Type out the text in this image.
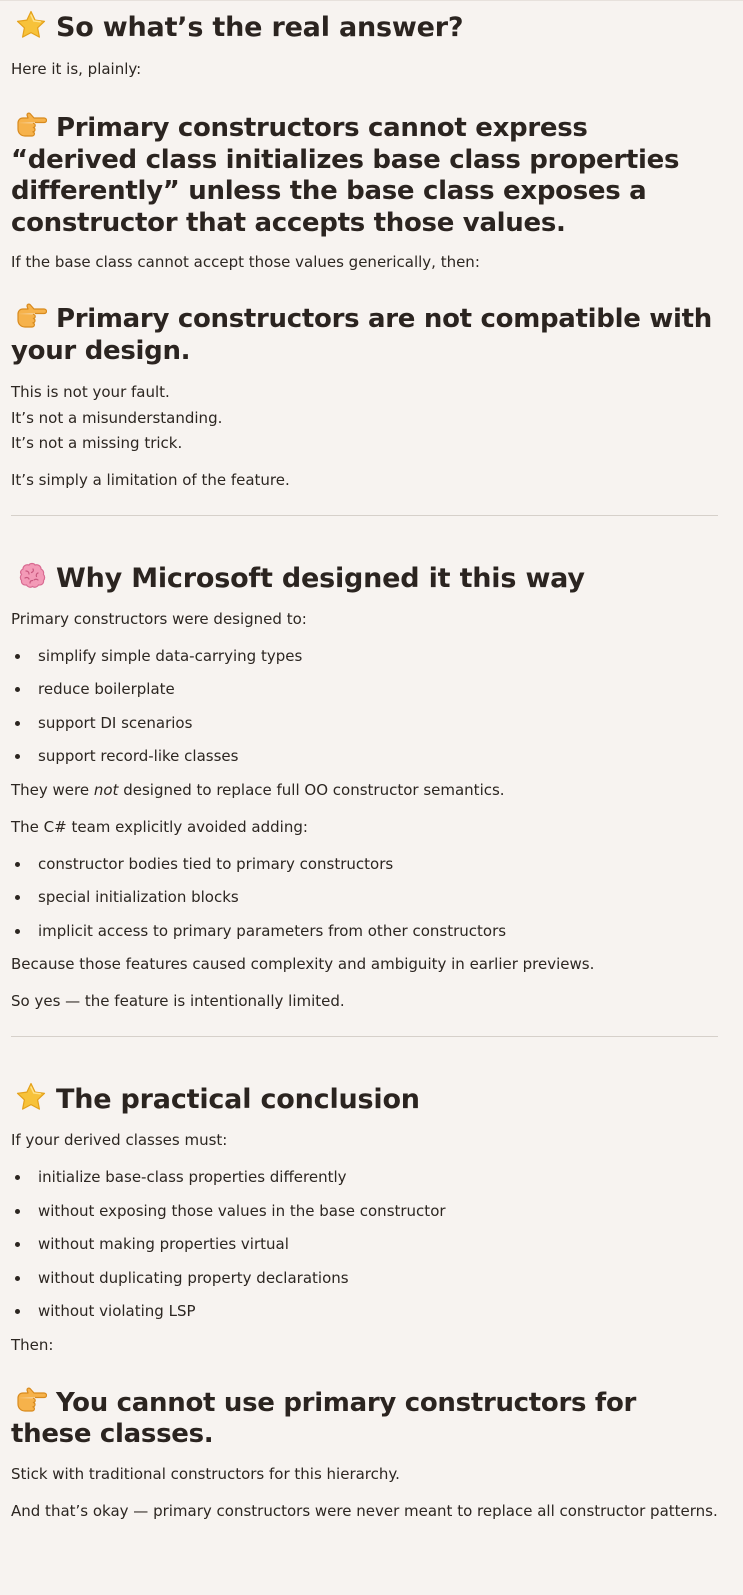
So what’s the real answer?

Here it is, plainly:

Primary constructors cannot express “derived class initializes base class properties differently” unless the base class exposes a constructor that accepts those values.

If the base class cannot accept those values generically, then:

Primary constructors are not compatible with your design.

This is not your fault.

It’s not a misunderstanding.

It’s not a missing trick.

It’s simply a limitation of the feature.

Why Microsoft designed it this way

Primary constructors were designed to:

simplify simple data-carrying types
reduce boilerplate
support DI scenarios
support record-like classes

They were not designed to replace full OO constructor semantics.

The C# team explicitly avoided adding:

constructor bodies tied to primary constructors
special initialization blocks
implicit access to primary parameters from other constructors

Because those features caused complexity and ambiguity in earlier previews.

So yes — the feature is intentionally limited.

The practical conclusion

If your derived classes must:

initialize base-class properties differently
without exposing those values in the base constructor
without making properties virtual
without duplicating property declarations
without violating LSP

Then:

You cannot use primary constructors for these classes.

Stick with traditional constructors for this hierarchy.

And that’s okay — primary constructors were never meant to replace all constructor patterns.
